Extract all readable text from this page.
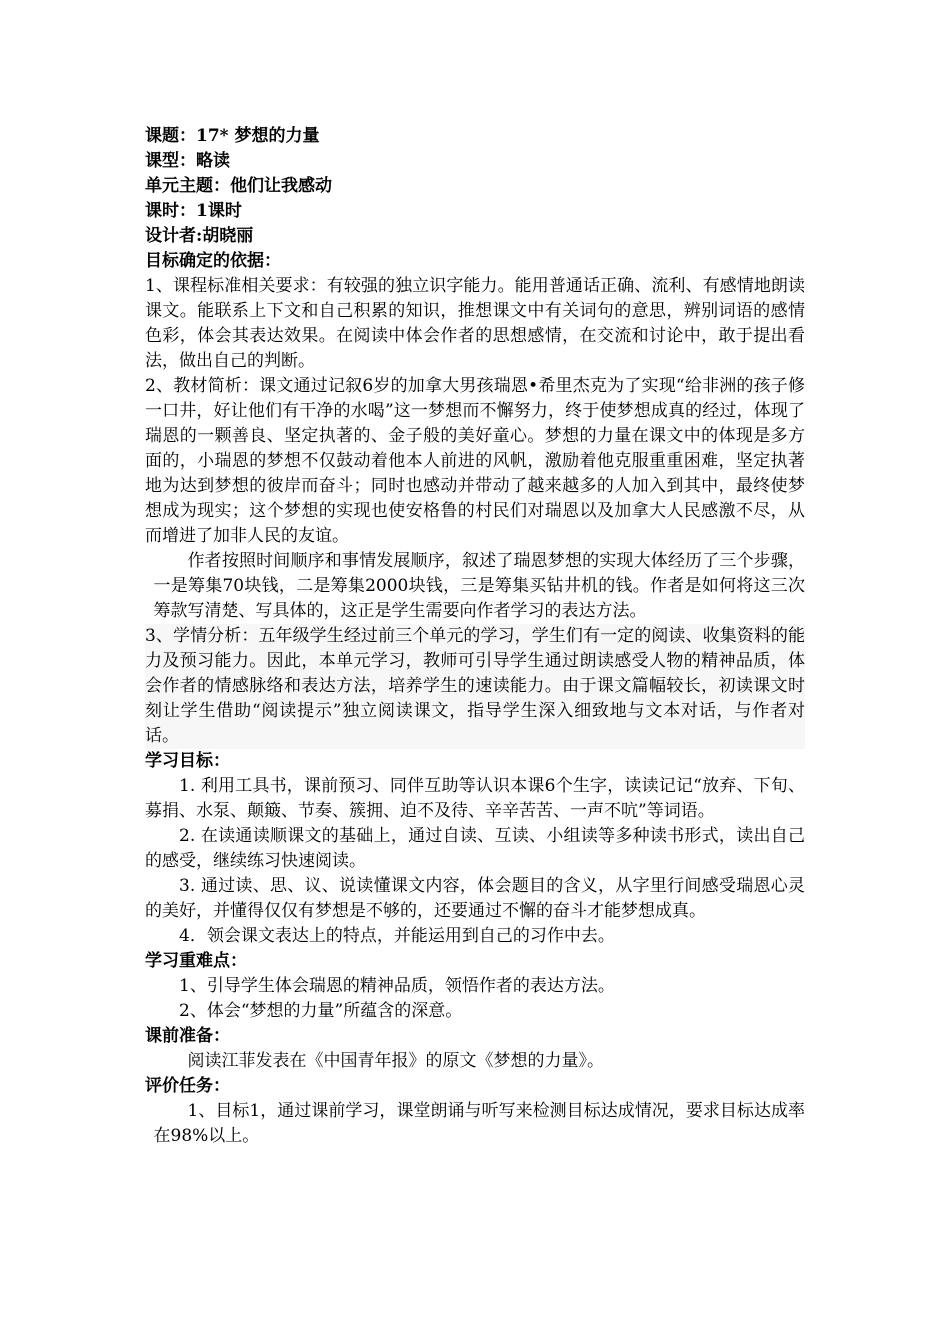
课题：17* 梦想的力量

课型：略读

单元主题：他们让我感动

课时：1课时

设计者:胡晓丽

目标确定的依据：

1、课程标准相关要求：有较强的独立识字能力。能用普通话正确、流利、有感情地朗读课文。能联系上下文和自己积累的知识，推想课文中有关词句的意思，辨别词语的感情色彩，体会其表达效果。在阅读中体会作者的思想感情，在交流和讨论中，敢于提出看法，做出自己的判断。

2、教材简析：课文通过记叙6岁的加拿大男孩瑞恩•希里杰克为了实现“给非洲的孩子修一口井，好让他们有干净的水喝”这一梦想而不懈努力，终于使梦想成真的经过，体现了瑞恩的一颗善良、坚定执著的、金子般的美好童心。梦想的力量在课文中的体现是多方面的，小瑞恩的梦想不仅鼓动着他本人前进的风帆，激励着他克服重重困难，坚定执著地为达到梦想的彼岸而奋斗；同时也感动并带动了越来越多的人加入到其中，最终使梦想成为现实；这个梦想的实现也使安格鲁的村民们对瑞恩以及加拿大人民感激不尽，从而增进了加非人民的友谊。

作者按照时间顺序和事情发展顺序，叙述了瑞恩梦想的实现大体经历了三个步骤，一是筹集70块钱，二是筹集2000块钱，三是筹集买钻井机的钱。作者是如何将这三次筹款写清楚、写具体的，这正是学生需要向作者学习的表达方法。

3、学情分析：五年级学生经过前三个单元的学习，学生们有一定的阅读、收集资料的能力及预习能力。因此，本单元学习，教师可引导学生通过朗读感受人物的精神品质，体会作者的情感脉络和表达方法，培养学生的速读能力。由于课文篇幅较长，初读课文时刻让学生借助“阅读提示”独立阅读课文，指导学生深入细致地与文本对话，与作者对话。

学习目标：

1. 利用工具书，课前预习、同伴互助等认识本课6个生字，读读记记“放弃、下旬、募捐、水泵、颠簸、节奏、簇拥、迫不及待、辛辛苦苦、一声不吭”等词语。

2. 在读通读顺课文的基础上，通过自读、互读、小组读等多种读书形式，读出自己的感受，继续练习快速阅读。

3. 通过读、思、议、说读懂课文内容，体会题目的含义，从字里行间感受瑞恩心灵的美好，并懂得仅仅有梦想是不够的，还要通过不懈的奋斗才能梦想成真。

4．领会课文表达上的特点，并能运用到自己的习作中去。

学习重难点：

1、引导学生体会瑞恩的精神品质，领悟作者的表达方法。

2、体会“梦想的力量”所蕴含的深意。

课前准备：

阅读江菲发表在《中国青年报》的原文《梦想的力量》。

评价任务：

1、目标1，通过课前学习，课堂朗诵与听写来检测目标达成情况，要求目标达成率在98%以上。
